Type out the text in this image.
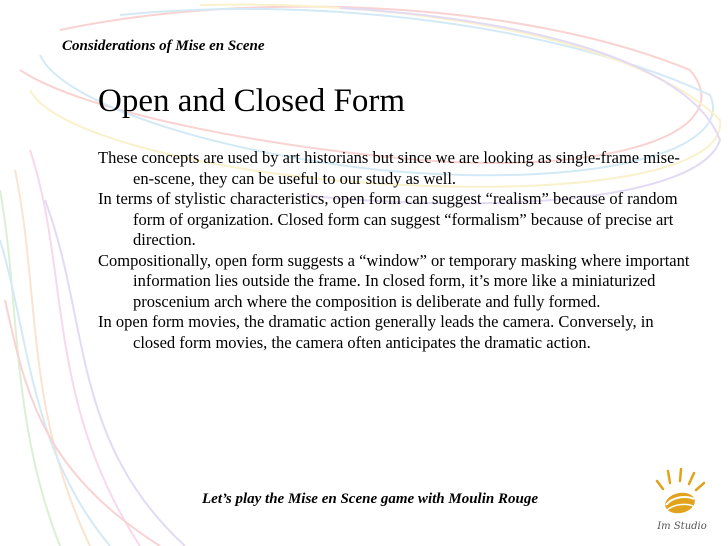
Considerations of Mise en Scene
Open and Closed Form

These concepts are used by art historians but since we are looking as single-frame mise-en-scene, they can be useful to our study as well.

In terms of stylistic characteristics, open form can suggest “realism” because of random form of organization. Closed form can suggest “formalism” because of precise art direction.

Compositionally, open form suggests a “window” or temporary masking where important information lies outside the frame. In closed form, it’s more like a miniaturized proscenium arch where the composition is deliberate and fully formed.

In open form movies, the dramatic action generally leads the camera. Conversely, in closed form movies, the camera often anticipates the dramatic action.

Let’s play the Mise en Scene game with Moulin Rouge
Im Studio
